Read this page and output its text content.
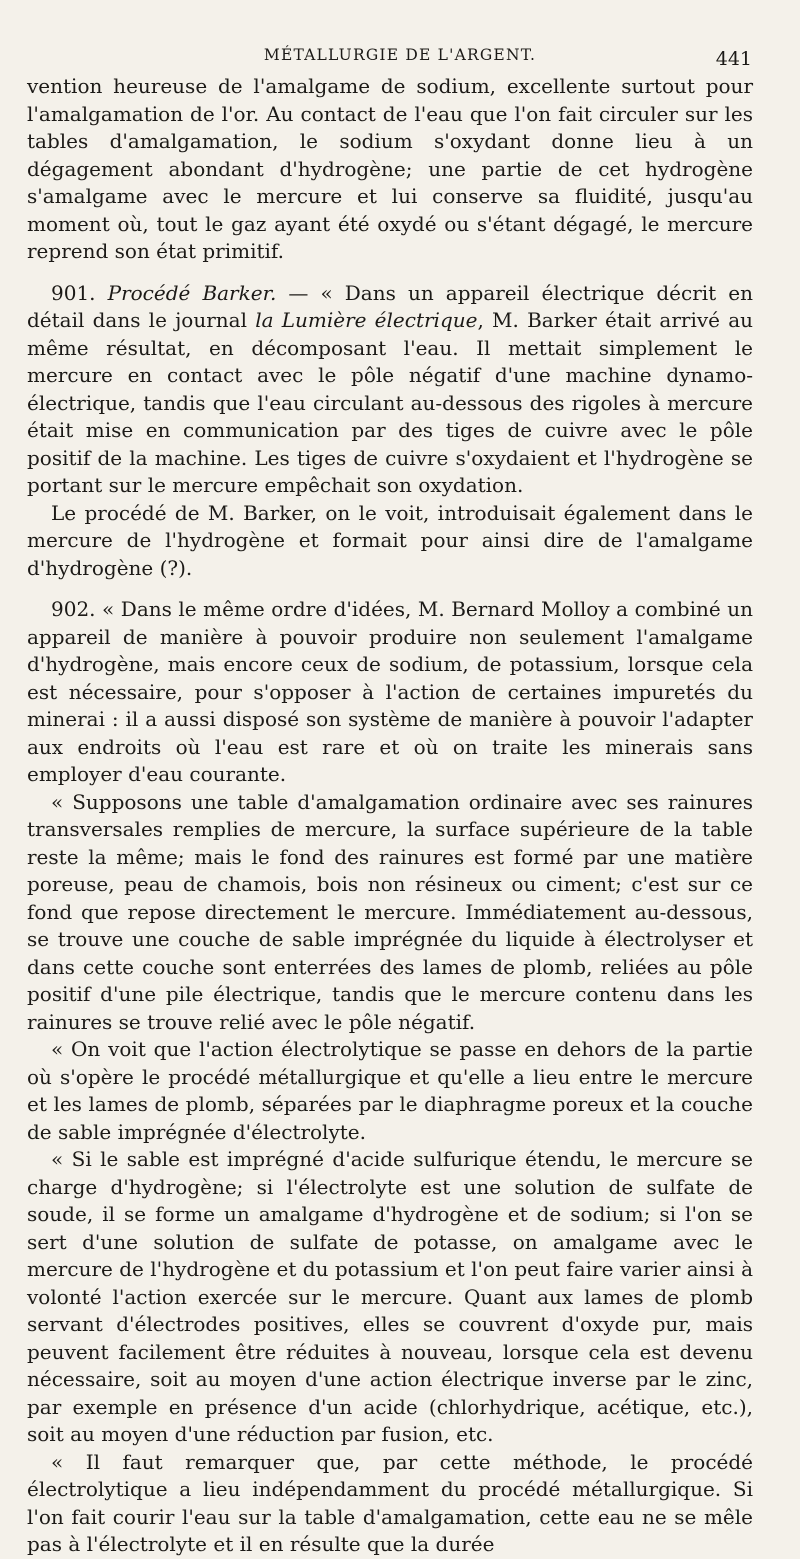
MÉTALLURGIE DE L'ARGENT.	441

vention heureuse de l'amalgame de sodium, excellente surtout pour l'amalgamation de l'or. Au contact de l'eau que l'on fait circuler sur les tables d'amalgamation, le sodium s'oxydant donne lieu à un dégagement abondant d'hydrogène; une partie de cet hydrogène s'amalgame avec le mercure et lui conserve sa fluidité, jusqu'au moment où, tout le gaz ayant été oxydé ou s'étant dégagé, le mercure reprend son état primitif.

901. Procédé Barker. — « Dans un appareil électrique décrit en détail dans le journal la Lumière électrique, M. Barker était arrivé au même résultat, en décomposant l'eau. Il mettait simplement le mercure en contact avec le pôle négatif d'une machine dynamo-électrique, tandis que l'eau circulant au-dessous des rigoles à mercure était mise en communication par des tiges de cuivre avec le pôle positif de la machine. Les tiges de cuivre s'oxydaient et l'hydrogène se portant sur le mercure empêchait son oxydation.

Le procédé de M. Barker, on le voit, introduisait également dans le mercure de l'hydrogène et formait pour ainsi dire de l'amalgame d'hydrogène (?).

902. « Dans le même ordre d'idées, M. Bernard Molloy a combiné un appareil de manière à pouvoir produire non seulement l'amalgame d'hydrogène, mais encore ceux de sodium, de potassium, lorsque cela est nécessaire, pour s'opposer à l'action de certaines impuretés du minerai : il a aussi disposé son système de manière à pouvoir l'adapter aux endroits où l'eau est rare et où on traite les minerais sans employer d'eau courante.

« Supposons une table d'amalgamation ordinaire avec ses rainures transversales remplies de mercure, la surface supérieure de la table reste la même; mais le fond des rainures est formé par une matière poreuse, peau de chamois, bois non résineux ou ciment; c'est sur ce fond que repose directement le mercure. Immédiatement au-dessous, se trouve une couche de sable imprégnée du liquide à électrolyser et dans cette couche sont enterrées des lames de plomb, reliées au pôle positif d'une pile électrique, tandis que le mercure contenu dans les rainures se trouve relié avec le pôle négatif.

« On voit que l'action électrolytique se passe en dehors de la partie où s'opère le procédé métallurgique et qu'elle a lieu entre le mercure et les lames de plomb, séparées par le diaphragme poreux et la couche de sable imprégnée d'électrolyte.

« Si le sable est imprégné d'acide sulfurique étendu, le mercure se charge d'hydrogène; si l'électrolyte est une solution de sulfate de soude, il se forme un amalgame d'hydrogène et de sodium; si l'on se sert d'une solution de sulfate de potasse, on amalgame avec le mercure de l'hydrogène et du potassium et l'on peut faire varier ainsi à volonté l'action exercée sur le mercure. Quant aux lames de plomb servant d'électrodes positives, elles se couvrent d'oxyde pur, mais peuvent facilement être réduites à nouveau, lorsque cela est devenu nécessaire, soit au moyen d'une action électrique inverse par le zinc, par exemple en présence d'un acide (chlorhydrique, acétique, etc.), soit au moyen d'une réduction par fusion, etc.

« Il faut remarquer que, par cette méthode, le procédé électrolytique a lieu indépendamment du procédé métallurgique. Si l'on fait courir l'eau sur la table d'amalgamation, cette eau ne se mêle pas à l'électrolyte et il en résulte que la durée
